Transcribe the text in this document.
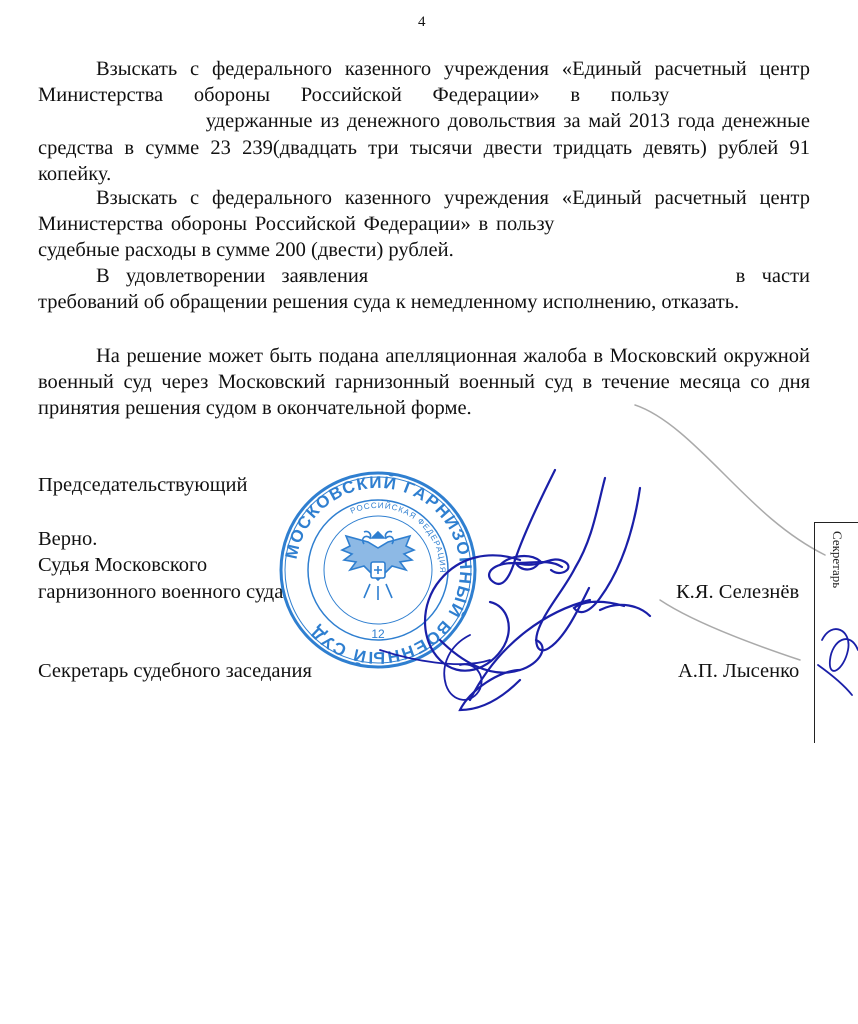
4

Взыскать с федерального казенного учреждения «Единый расчетный центр Министерства обороны Российской Федерации» в пользу   удержанные из денежного довольствия за май 2013 года денежные средства в сумме 23 239(двадцать три тысячи двести тридцать девять) рублей 91 копейку.

Взыскать с федерального казенного учреждения «Единый расчетный центр Министерства обороны Российской Федерации» в пользу   судебные расходы в сумме 200 (двести) рублей.

В удовлетворении заявления	в части требований об обращении решения суда к немедленному исполнению, отказать.

На решение может быть подана апелляционная жалоба в Московский окружной военный суд через Московский гарнизонный военный суд в течение месяца со дня принятия решения судом в окончательной форме.

Председательствующий

Верно.

Судья Московского

гарнизонного военного суда	К.Я. Селезнёв

Секретарь судебного заседания	А.П. Лысенко
МОСКОВСКИЙ ГАРНИЗОННЫЙ ВОЕННЫЙ СУД
РОССИЙСКАЯ ФЕДЕРАЦИЯ
12
Секретарь
